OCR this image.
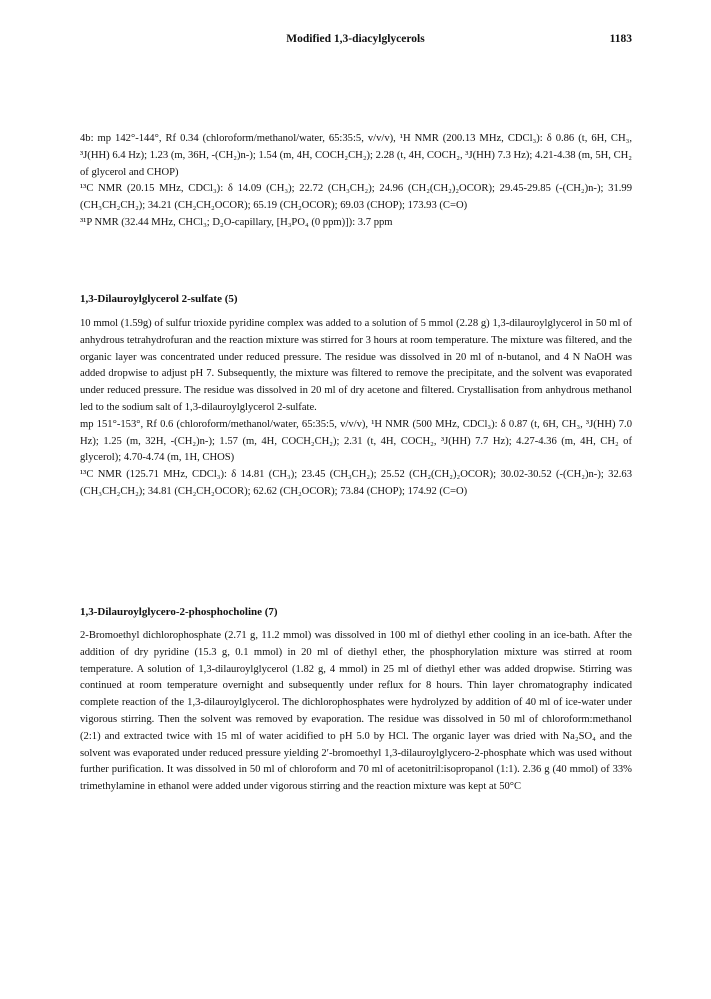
Modified 1,3-diacylglycerols	1183

4b: mp 142°-144°, Rf 0.34 (chloroform/methanol/water, 65:35:5, v/v/v), ¹H NMR (200.13 MHz, CDCl₃): δ 0.86 (t, 6H, CH₃, ³J(HH) 6.4 Hz); 1.23 (m, 36H, -(CH₂)n-); 1.54 (m, 4H, COCH₂CH₂); 2.28 (t, 4H, COCH₂, ³J(HH) 7.3 Hz); 4.21-4.38 (m, 5H, CH₂ of glycerol and CHOP)

¹³C NMR (20.15 MHz, CDCl₃): δ 14.09 (CH₃); 22.72 (CH₃CH₂); 24.96 (CH₂(CH₂)₂OCOR); 29.45-29.85 (-(CH₂)n-); 31.99 (CH₃CH₂CH₂); 34.21 (CH₂CH₂OCOR); 65.19 (CH₂OCOR); 69.03 (CHOP); 173.93 (C=O)

³¹P NMR (32.44 MHz, CHCl₃; D₂O-capillary, [H₃PO₄ (0 ppm)]): 3.7 ppm

1,3-Dilauroylglycerol 2-sulfate (5)

10 mmol (1.59g) of sulfur trioxide pyridine complex was added to a solution of 5 mmol (2.28 g) 1,3-dilauroylglycerol in 50 ml of anhydrous tetrahydrofuran and the reaction mixture was stirred for 3 hours at room temperature. The mixture was filtered, and the organic layer was concentrated under reduced pressure. The residue was dissolved in 20 ml of n-butanol, and 4 N NaOH was added dropwise to adjust pH 7. Subsequently, the mixture was filtered to remove the precipitate, and the solvent was evaporated under reduced pressure. The residue was dissolved in 20 ml of dry acetone and filtered. Crystallisation from anhydrous methanol led to the sodium salt of 1,3-dilauroylglycerol 2-sulfate.

mp 151°-153°, Rf 0.6 (chloroform/methanol/water, 65:35:5, v/v/v), ¹H NMR (500 MHz, CDCl₃): δ 0.87 (t, 6H, CH₃, ³J(HH) 7.0 Hz); 1.25 (m, 32H, -(CH₂)n-); 1.57 (m, 4H, COCH₂CH₂); 2.31 (t, 4H, COCH₂, ³J(HH) 7.7 Hz); 4.27-4.36 (m, 4H, CH₂ of glycerol); 4.70-4.74 (m, 1H, CHOS)

¹³C NMR (125.71 MHz, CDCl₃): δ 14.81 (CH₃); 23.45 (CH₃CH₂); 25.52 (CH₂(CH₂)₂OCOR); 30.02-30.52 (-(CH₂)n-); 32.63 (CH₃CH₂CH₂); 34.81 (CH₂CH₂OCOR); 62.62 (CH₂OCOR); 73.84 (CHOP); 174.92 (C=O)

1,3-Dilauroylglycero-2-phosphocholine (7)

2-Bromoethyl dichlorophosphate (2.71 g, 11.2 mmol) was dissolved in 100 ml of diethyl ether cooling in an ice-bath. After the addition of dry pyridine (15.3 g, 0.1 mmol) in 20 ml of diethyl ether, the phosphorylation mixture was stirred at room temperature. A solution of 1,3-dilauroylglycerol (1.82 g, 4 mmol) in 25 ml of diethyl ether was added dropwise. Stirring was continued at room temperature overnight and subsequently under reflux for 8 hours. Thin layer chromatography indicated complete reaction of the 1,3-dilauroylglycerol. The dichlorophosphates were hydrolyzed by addition of 40 ml of ice-water under vigorous stirring. Then the solvent was removed by evaporation. The residue was dissolved in 50 ml of chloroform:methanol (2:1) and extracted twice with 15 ml of water acidified to pH 5.0 by HCl. The organic layer was dried with Na₂SO₄ and the solvent was evaporated under reduced pressure yielding 2′-bromoethyl 1,3-dilauroylglycero-2-phosphate which was used without further purification. It was dissolved in 50 ml of chloroform and 70 ml of acetonitril:isopropanol (1:1). 2.36 g (40 mmol) of 33% trimethylamine in ethanol were added under vigorous stirring and the reaction mixture was kept at 50°C
